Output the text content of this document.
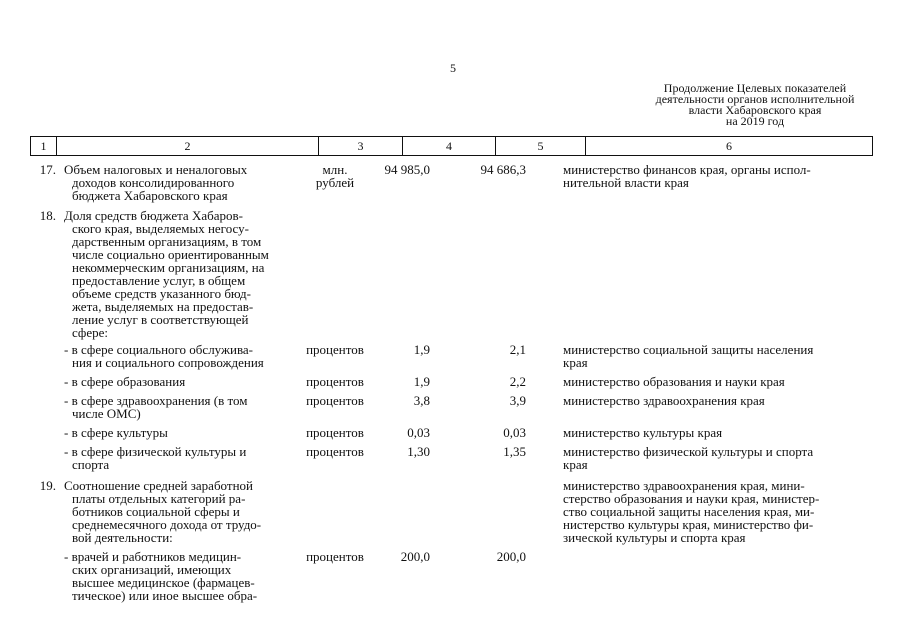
5
Продолжение Целевых показателей
деятельности органов исполнительной
власти Хабаровского края
на 2019 год
1	2	3	4	5	6
17. Объем налоговых и неналоговых
доходов консолидированного
бюджета Хабаровского края
млн.
рублей
94 985,0	94 686,3	министерство финансов края, органы испол-
нительной власти края
18. Доля средств бюджета Хабаров-
ского края, выделяемых негосу-
дарственным организациям, в том
числе социально ориентированным
некоммерческим организациям, на
предоставление услуг, в общем
объеме средств указанного бюд-
жета, выделяемых на предостав-
ление услуг в соответствующей
сфере:
- в сфере социального обслужива-
ния и социального сопровождения
процентов	1,9	2,1	министерство социальной защиты населения
края
- в сфере образования	процентов	1,9	2,2	министерство образования и науки края
- в сфере здравоохранения (в том
числе ОМС)
процентов	3,8	3,9	министерство здравоохранения края
- в сфере культуры	процентов	0,03	0,03	министерство культуры края
- в сфере физической культуры и
спорта
процентов	1,30	1,35	министерство физической культуры и спорта
края
19. Соотношение средней заработной
платы отдельных категорий ра-
ботников социальной сферы и
среднемесячного дохода от трудо-
вой деятельности:
министерство здравоохранения края, мини-
стерство образования и науки края, министер-
ство социальной защиты населения края, ми-
нистерство культуры края, министерство фи-
зической культуры и спорта края
- врачей и работников медицин-
ских организаций, имеющих
высшее медицинское (фармацев-
тическое) или иное высшее обра-
процентов	200,0	200,0
